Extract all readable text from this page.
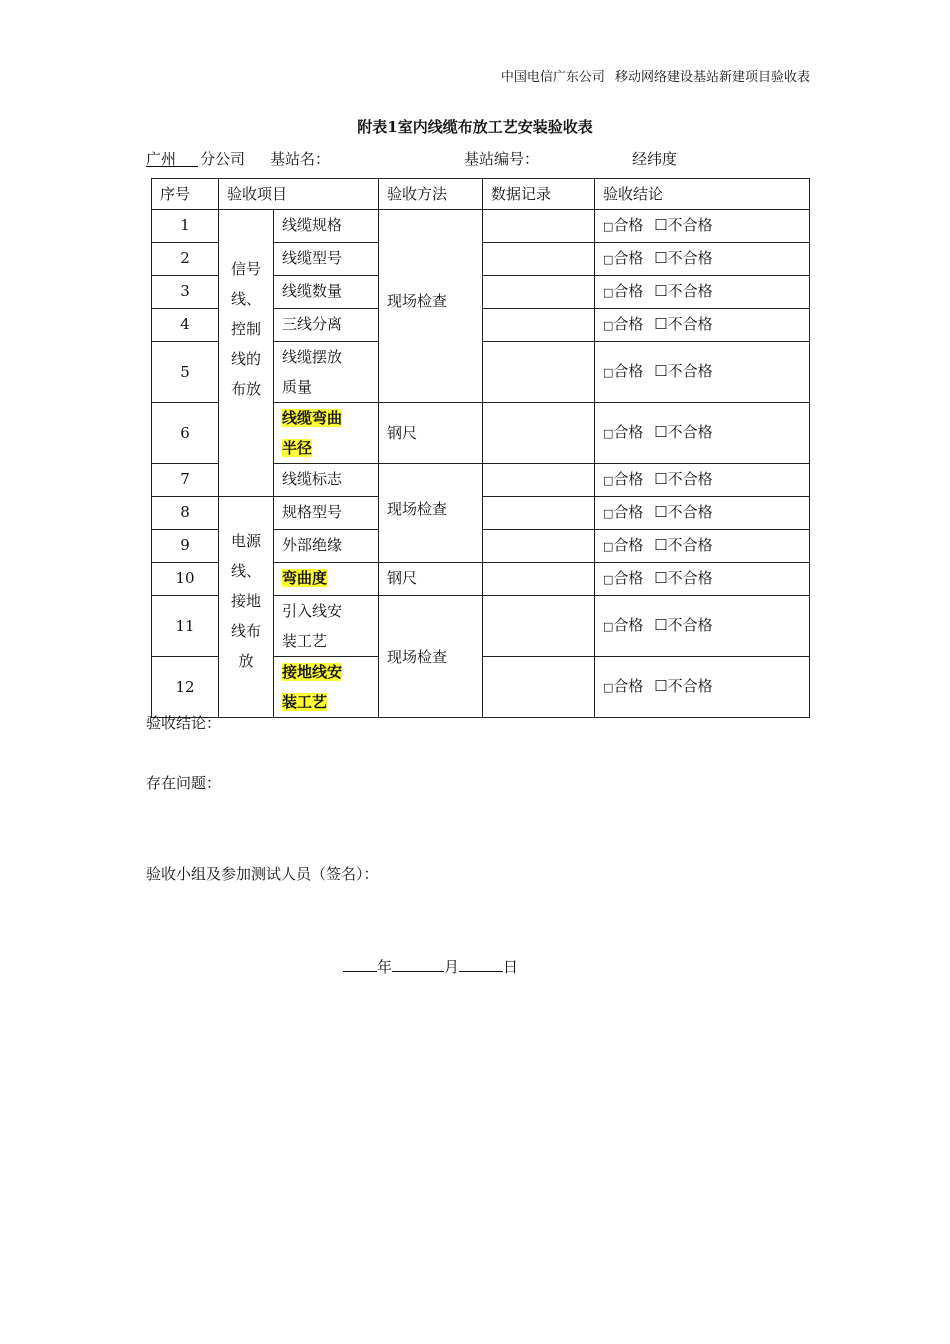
中国电信广东公司 移动网络建设基站新建项目验收表
附表1室内线缆布放工艺安装验收表
广州	分公司 基站名：	基站编号：	经纬度
序号	验收项目		验收方法	数据记录	验收结论
1	信号
线、
控制
线的
布放	线缆规格	现场检查		□合格 ☐不合格
2		线缆型号			□合格 ☐不合格
3		线缆数量			□合格 ☐不合格
4		三线分离			□合格 ☐不合格
5		线缆摆放
质量			□合格 ☐不合格
6		线缆弯曲
半径	钢尺		□合格 ☐不合格
7		线缆标志	现场检查		□合格 ☐不合格
8	电源
线、
接地
线布
放	规格型号			□合格 ☐不合格
9		外部绝缘			□合格 ☐不合格
10		弯曲度	钢尺		□合格 ☐不合格
11		引入线安
装工艺	现场检查		□合格 ☐不合格
12		接地线安
装工艺			□合格 ☐不合格
验收结论：
存在问题：
验收小组及参加测试人员（签名）：
年	月	日
